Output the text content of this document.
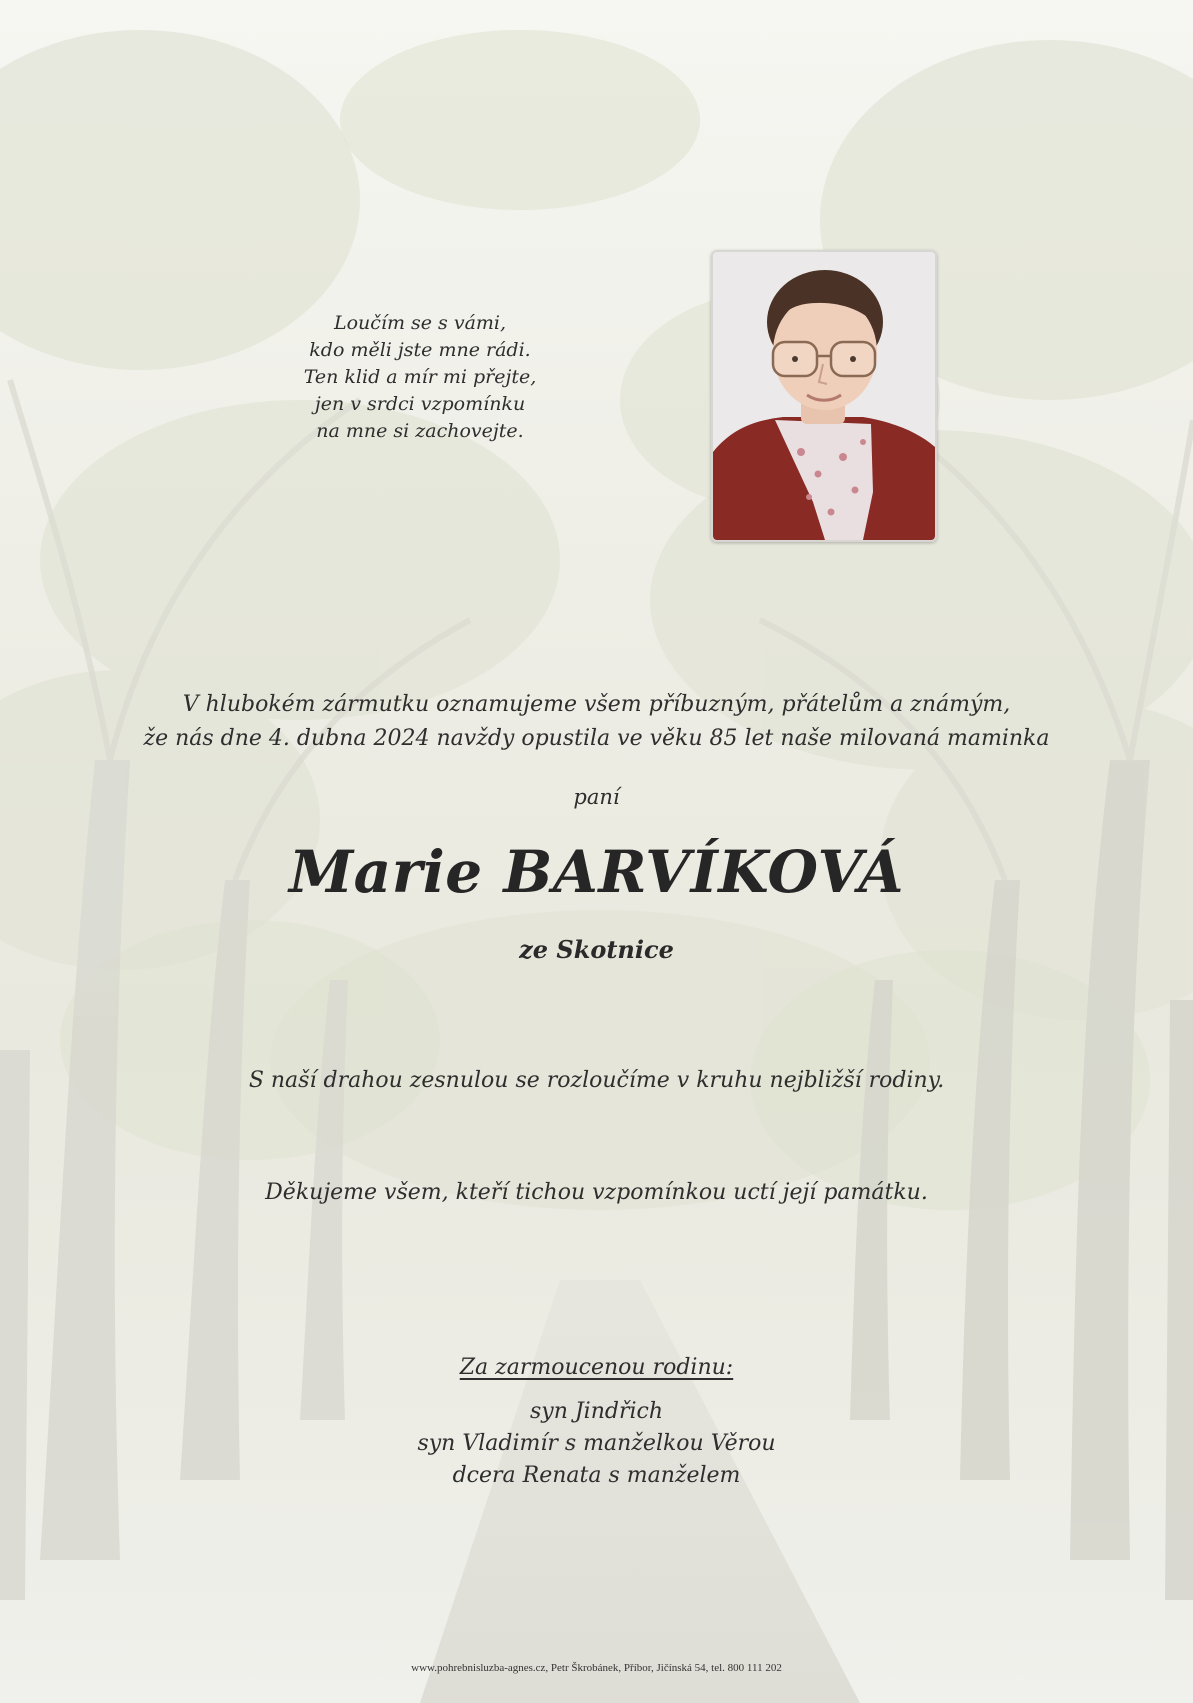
Loučím se s vámi,
kdo měli jste mne rádi.
Ten klid a mír mi přejte,
jen v srdci vzpomínku
na mne si zachovejte.
V hlubokém zármutku oznamujeme všem příbuzným, přátelům a známým,
že nás dne 4. dubna 2024 navždy opustila ve věku 85 let naše milovaná maminka
paní
Marie BARVÍKOVÁ
ze Skotnice
S naší drahou zesnulou se rozloučíme v kruhu nejbližší rodiny.
Děkujeme všem, kteří tichou vzpomínkou uctí její památku.
Za zarmoucenou rodinu:
syn Jindřich
syn Vladimír s manželkou Věrou
dcera Renata s manželem
www.pohrebnisluzba-agnes.cz, Petr Škrobánek, Příbor, Jičínská 54, tel. 800 111 202
